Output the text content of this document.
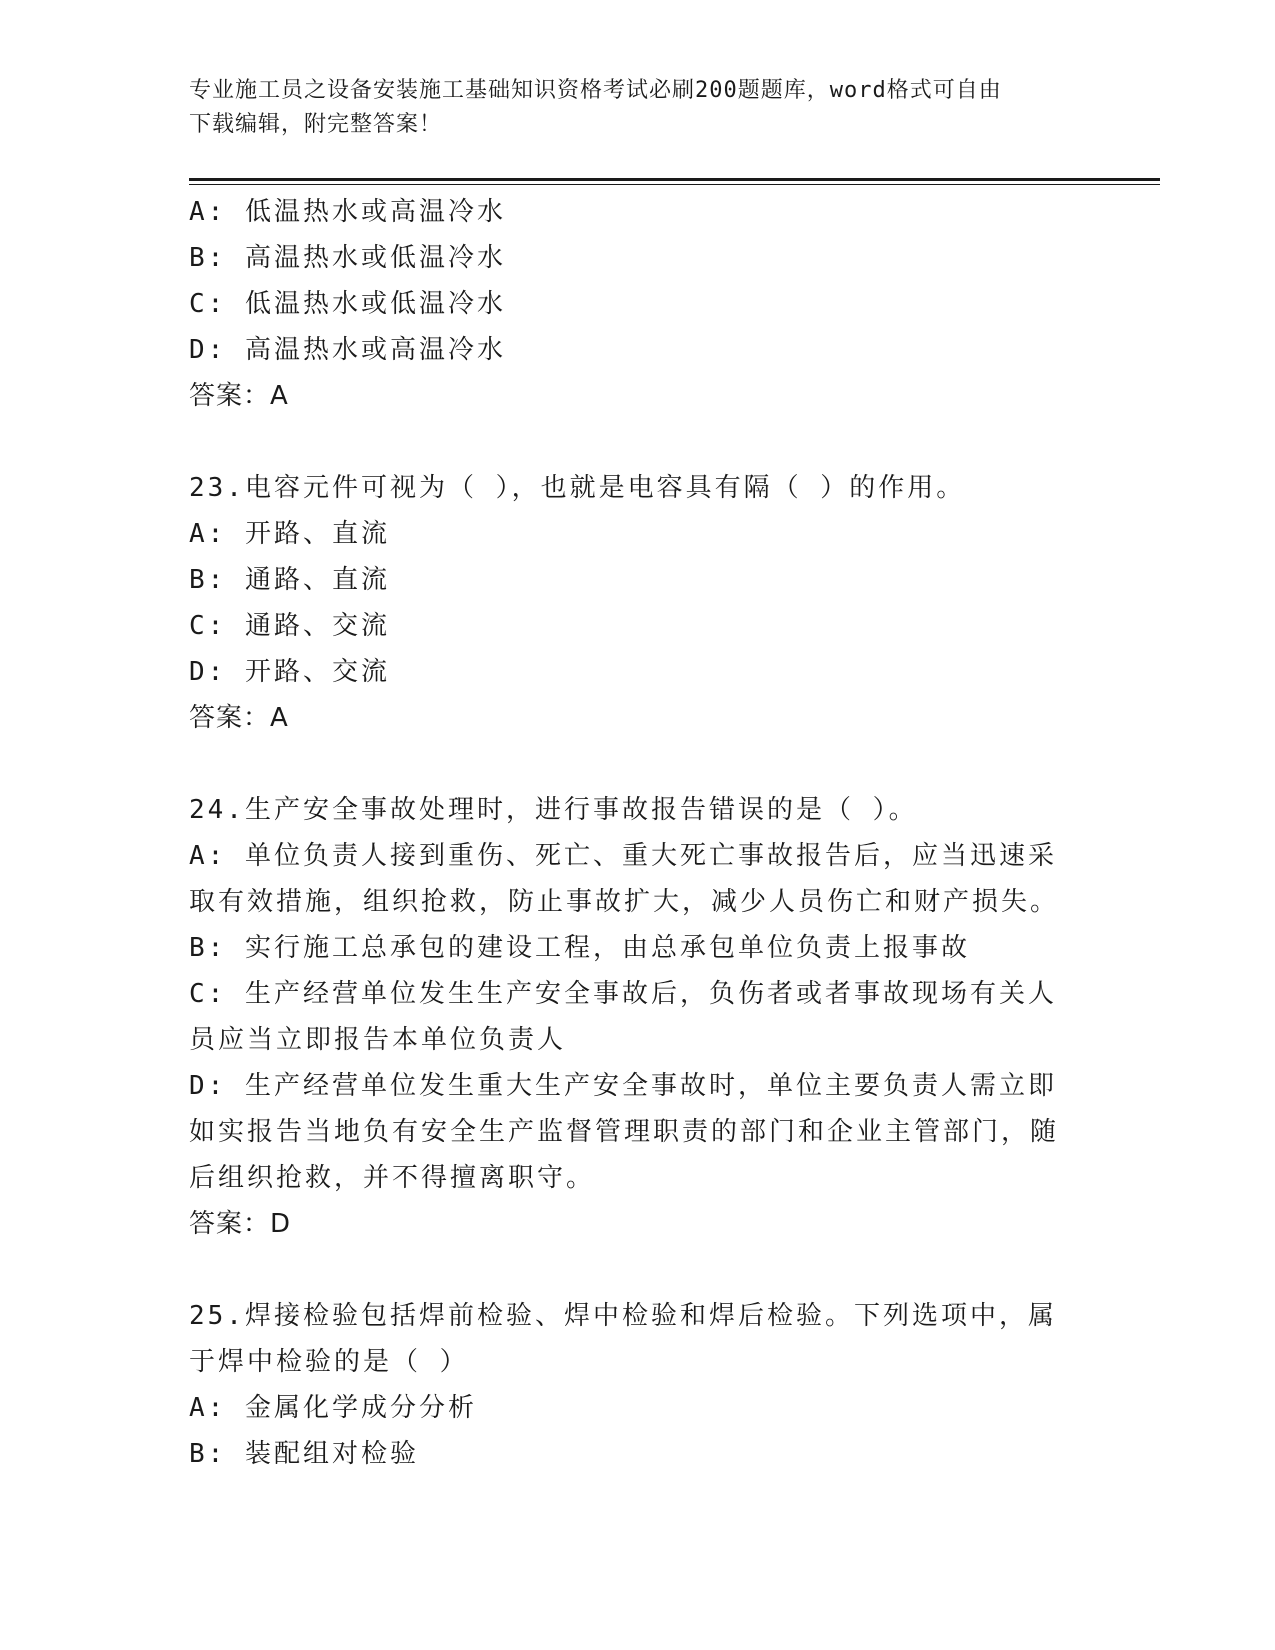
专业施工员之设备安装施工基础知识资格考试必刷200题题库，word格式可自由
下载编辑，附完整答案！
A: 低温热水或高温冷水
B: 高温热水或低温冷水
C: 低温热水或低温冷水
D: 高温热水或高温冷水
答案：A
23.电容元件可视为（ ），也就是电容具有隔（ ）的作用。
A: 开路、直流
B: 通路、直流
C: 通路、交流
D: 开路、交流
答案：A
24.生产安全事故处理时，进行事故报告错误的是（ ）。
A: 单位负责人接到重伤、死亡、重大死亡事故报告后，应当迅速采取有效措施，组织抢救，防止事故扩大，减少人员伤亡和财产损失。
B: 实行施工总承包的建设工程，由总承包单位负责上报事故
C: 生产经营单位发生生产安全事故后，负伤者或者事故现场有关人员应当立即报告本单位负责人
D: 生产经营单位发生重大生产安全事故时，单位主要负责人需立即如实报告当地负有安全生产监督管理职责的部门和企业主管部门，随后组织抢救，并不得擅离职守。
答案：D
25.焊接检验包括焊前检验、焊中检验和焊后检验。下列选项中，属于焊中检验的是（ ）
A: 金属化学成分分析
B: 装配组对检验
